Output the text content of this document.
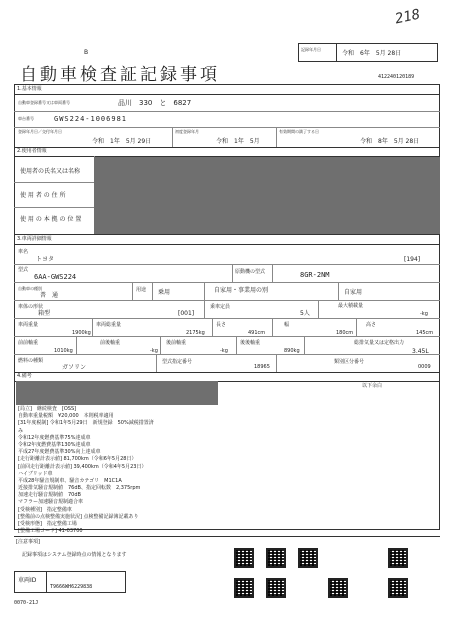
218
B
自動車検査証記録事項
記録年月日
令和　6年　5月 28日
412240120189
1.基本情報
自動車登録番号又は車両番号	品川　330　と　6827
車台番号	GWS224-1006981
登録年月日／交付年月日
令和　1年　5月 29日
初度登録年月
令和　1年　5月
有効期間の満了する日
令和　8年　5月 28日
2.使用者情報
使用者の氏名又は名称
使 用 者 の 住 所
使 用 の 本 拠 の 位 置
3.車両詳細情報
車名
トヨタ	[194]
型式
6AA-GWS224
原動機の型式	8GR-2NM
自動車の種別
普　通
用途 乗用	自家用・事業用の別	自家用
車体の形状
箱型	[001]
乗車定員
5人
最大積載量
-kg
車両重量
1900kg
車両総重量
2175kg
長さ
491cm
幅
180cm
高さ
145cm
前前軸重
1010kg
前後軸重
-kg
後前軸重
-kg
後後軸重
890kg
総排気量又は定格出力
3.45L
燃料の種類
ガソリン
型式指定番号
18965
類別区分番号
0009
4.備考
以下余白
[局立]　継続検査　[OSS]
自動車重量税額　¥20,000　本則税率適用
[31年度税制] 令和1年5月29日　新規登録　50%減税措置済
み
令和12年度燃費基準75%達成車
令和2年度燃費基準130%達成車
平成27年度燃費基準30%向上達成車
[走行距離計表示値] 81,700km（令和6年5月28日）
[前回走行距離計表示値] 39,400km（令和4年5月23日）
ハイブリッド車
平成28年騒音規制車、騒音カテゴリ　M1C1A
近接排気騒音規制値　76dB、指定回転数　2,375rpm
加速走行騒音規制値　70dB
マフラー加速騒音規制適合車
[受検種別]　指定整備車
[整備前の点検整備実施状況] 点検整備記録簿記載あり
[受検形態]　指定整備工場
[整備工場コード] 41-03700
[注意事項]
記録事項はシステム登録時点の情報となります
車両ID
T9666WH6229838
0070-21J
